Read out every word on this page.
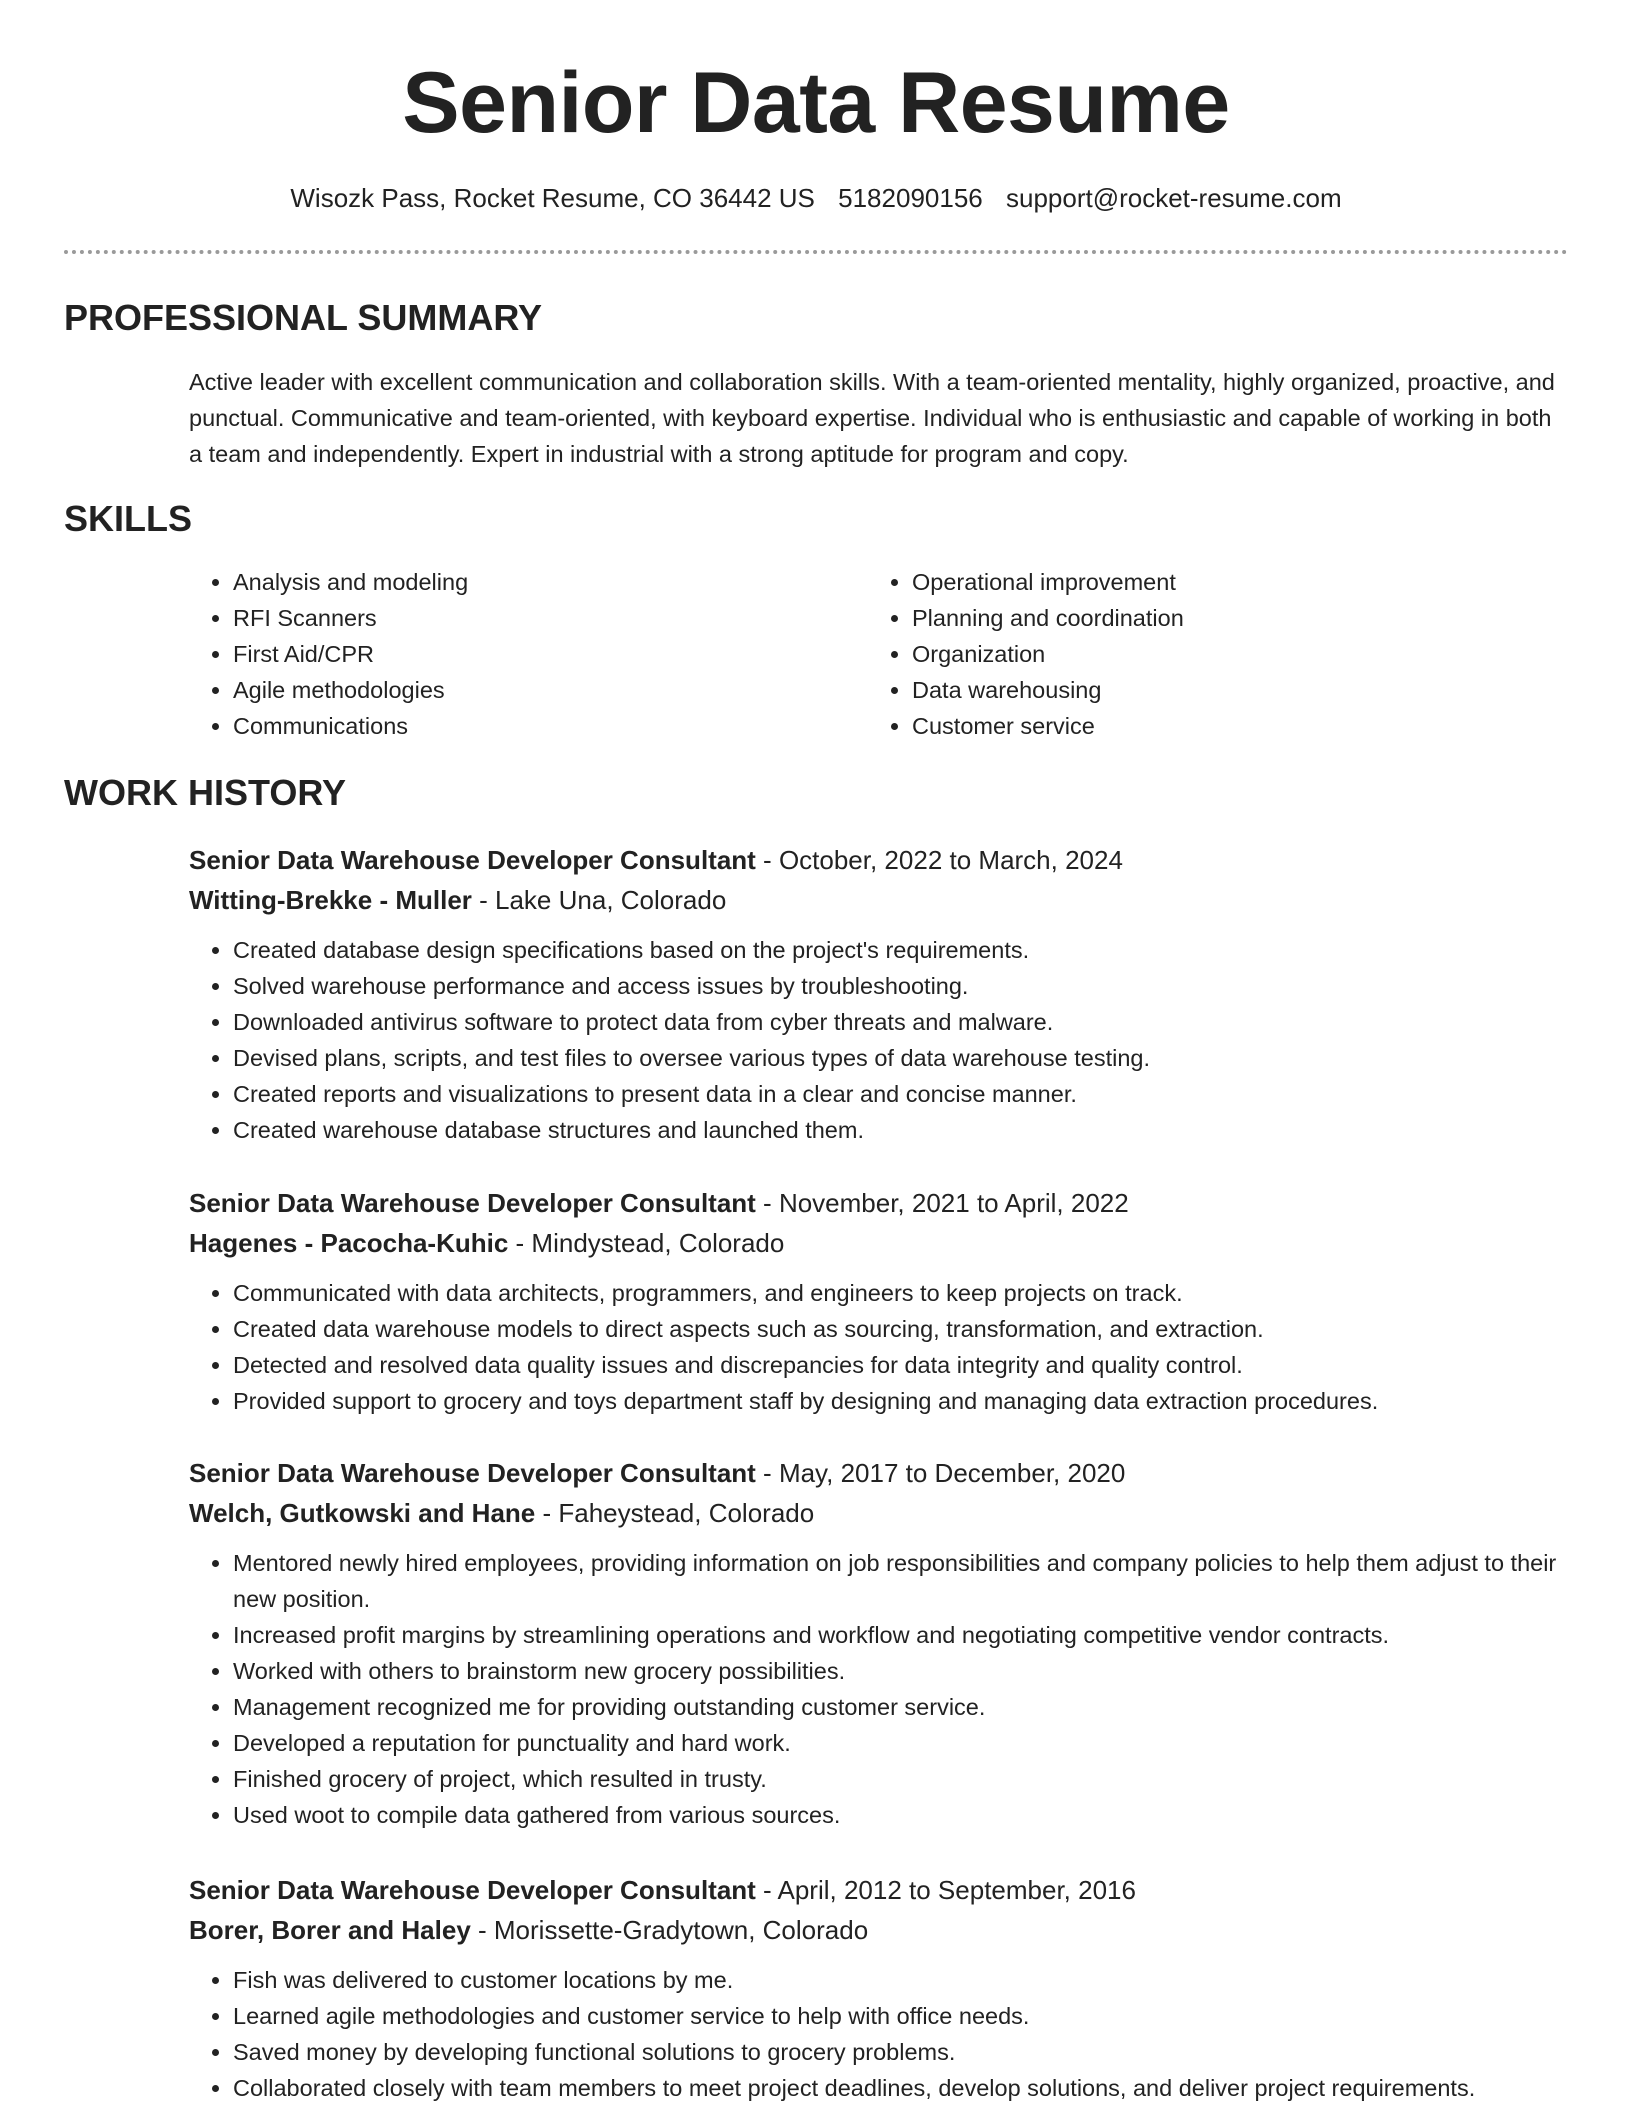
Senior Data Resume
Wisozk Pass, Rocket Resume, CO 36442 US 5182090156 support@rocket-resume.com
PROFESSIONAL SUMMARY

Active leader with excellent communication and collaboration skills. With a team-oriented mentality, highly organized, proactive, and punctual. Communicative and team-oriented, with keyboard expertise. Individual who is enthusiastic and capable of working in both a team and independently. Expert in industrial with a strong aptitude for program and copy.

SKILLS
• Analysis and modeling
• RFI Scanners
• First Aid/CPR
• Agile methodologies
• Communications
• Operational improvement
• Planning and coordination
• Organization
• Data warehousing
• Customer service
WORK HISTORY

Senior Data Warehouse Developer Consultant - October, 2022 to March, 2024

Witting-Brekke - Muller - Lake Una, Colorado

• Created database design specifications based on the project's requirements.
• Solved warehouse performance and access issues by troubleshooting.
• Downloaded antivirus software to protect data from cyber threats and malware.
• Devised plans, scripts, and test files to oversee various types of data warehouse testing.
• Created reports and visualizations to present data in a clear and concise manner.
• Created warehouse database structures and launched them.

Senior Data Warehouse Developer Consultant - November, 2021 to April, 2022

Hagenes - Pacocha-Kuhic - Mindystead, Colorado

• Communicated with data architects, programmers, and engineers to keep projects on track.
• Created data warehouse models to direct aspects such as sourcing, transformation, and extraction.
• Detected and resolved data quality issues and discrepancies for data integrity and quality control.
• Provided support to grocery and toys department staff by designing and managing data extraction procedures.

Senior Data Warehouse Developer Consultant - May, 2017 to December, 2020

Welch, Gutkowski and Hane - Faheystead, Colorado

• Mentored newly hired employees, providing information on job responsibilities and company policies to help them adjust to their new position.
• Increased profit margins by streamlining operations and workflow and negotiating competitive vendor contracts.
• Worked with others to brainstorm new grocery possibilities.
• Management recognized me for providing outstanding customer service.
• Developed a reputation for punctuality and hard work.
• Finished grocery of project, which resulted in trusty.
• Used woot to compile data gathered from various sources.

Senior Data Warehouse Developer Consultant - April, 2012 to September, 2016

Borer, Borer and Haley - Morissette-Gradytown, Colorado

• Fish was delivered to customer locations by me.
• Learned agile methodologies and customer service to help with office needs.
• Saved money by developing functional solutions to grocery problems.
• Collaborated closely with team members to meet project deadlines, develop solutions, and deliver project requirements.
